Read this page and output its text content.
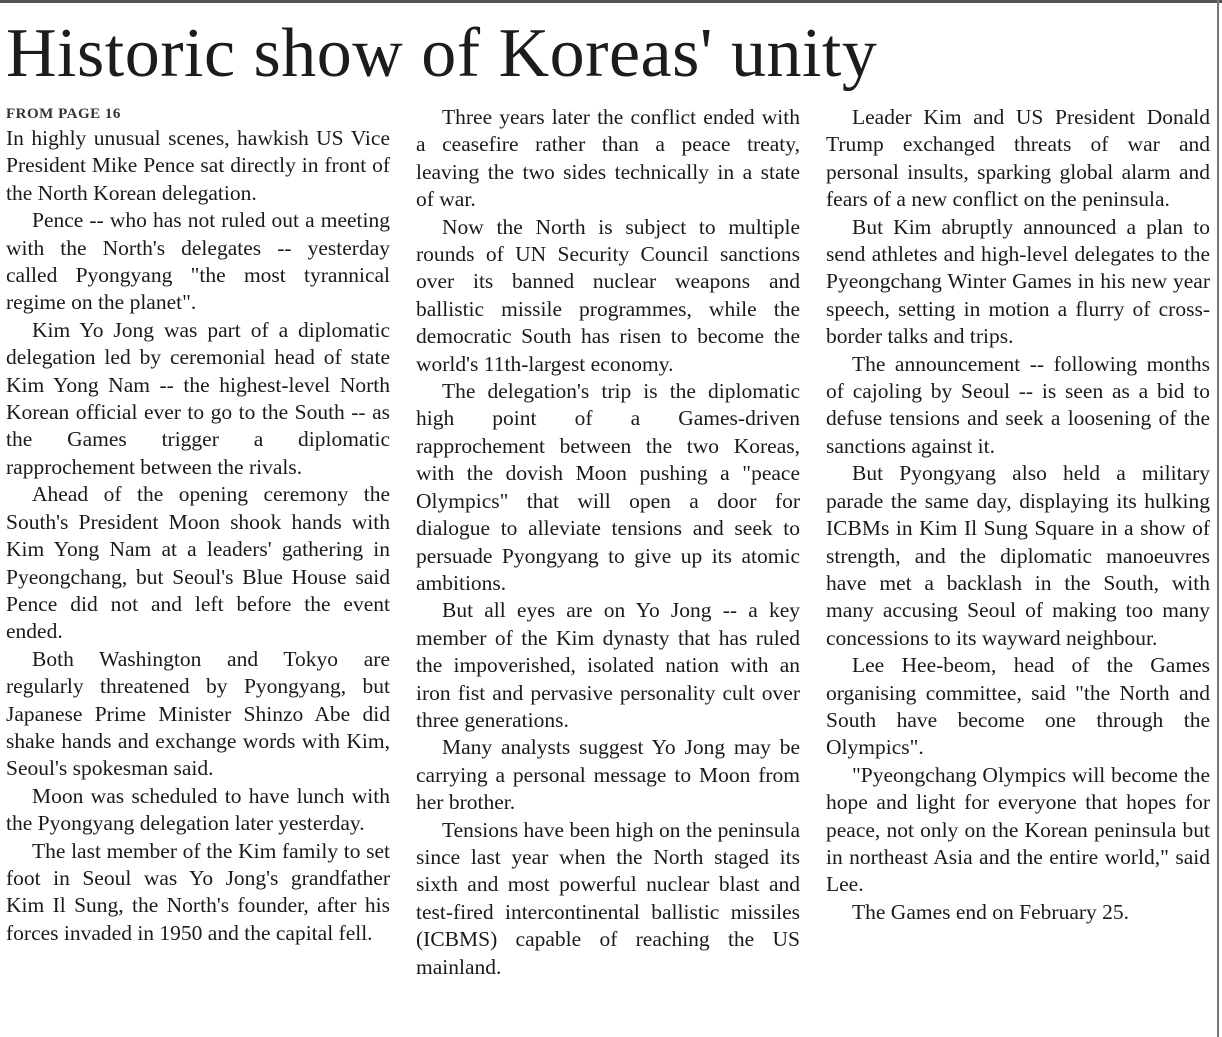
Historic show of Koreas' unity
FROM PAGE 16

In highly unusual scenes, hawkish US Vice President Mike Pence sat directly in front of the North Korean delegation.

Pence -- who has not ruled out a meeting with the North's delegates -- yesterday called Pyongyang "the most tyrannical regime on the planet".

Kim Yo Jong was part of a diplomatic delegation led by ceremonial head of state Kim Yong Nam -- the highest-level North Korean official ever to go to the South -- as the Games trigger a diplomatic rapprochement between the rivals.

Ahead of the opening ceremony the South's President Moon shook hands with Kim Yong Nam at a leaders' gathering in Pyeongchang, but Seoul's Blue House said Pence did not and left before the event ended.

Both Washington and Tokyo are regularly threatened by Pyongyang, but Japanese Prime Minister Shinzo Abe did shake hands and exchange words with Kim, Seoul's spokesman said.

Moon was scheduled to have lunch with the Pyongyang delegation later yesterday.

The last member of the Kim family to set foot in Seoul was Yo Jong's grandfather Kim Il Sung, the North's founder, after his forces invaded in 1950 and the capital fell.

Three years later the conflict ended with a ceasefire rather than a peace treaty, leaving the two sides technically in a state of war.

Now the North is subject to multiple rounds of UN Security Council sanctions over its banned nuclear weapons and ballistic missile programmes, while the democratic South has risen to become the world's 11th-largest economy.

The delegation's trip is the diplomatic high point of a Games-driven rapprochement between the two Koreas, with the dovish Moon pushing a "peace Olympics" that will open a door for dialogue to alleviate tensions and seek to persuade Pyongyang to give up its atomic ambitions.

But all eyes are on Yo Jong -- a key member of the Kim dynasty that has ruled the impoverished, isolated nation with an iron fist and pervasive personality cult over three generations.

Many analysts suggest Yo Jong may be carrying a personal message to Moon from her brother.

Tensions have been high on the peninsula since last year when the North staged its sixth and most powerful nuclear blast and test-fired intercontinental ballistic missiles (ICBMS) capable of reaching the US mainland.

Leader Kim and US President Donald Trump exchanged threats of war and personal insults, sparking global alarm and fears of a new conflict on the peninsula.

But Kim abruptly announced a plan to send athletes and high-level delegates to the Pyeongchang Winter Games in his new year speech, setting in motion a flurry of cross-border talks and trips.

The announcement -- following months of cajoling by Seoul -- is seen as a bid to defuse tensions and seek a loosening of the sanctions against it.

But Pyongyang also held a military parade the same day, displaying its hulking ICBMs in Kim Il Sung Square in a show of strength, and the diplomatic manoeuvres have met a backlash in the South, with many accusing Seoul of making too many concessions to its wayward neighbour.

Lee Hee-beom, head of the Games organising committee, said "the North and South have become one through the Olympics".

"Pyeongchang Olympics will become the hope and light for everyone that hopes for peace, not only on the Korean peninsula but in northeast Asia and the entire world," said Lee.

The Games end on February 25.
